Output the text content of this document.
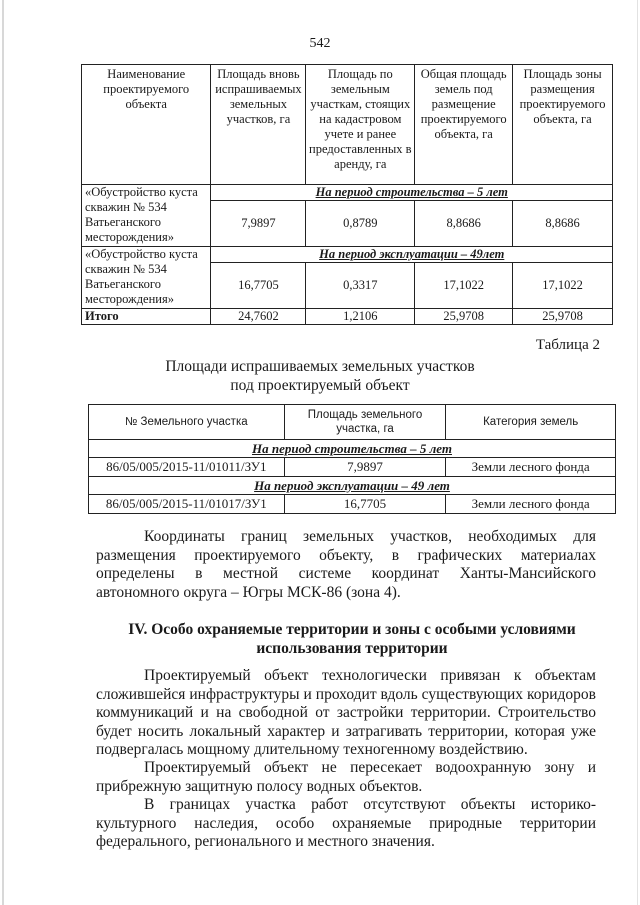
542
Наименование проектируемого объекта	Площадь вновь испрашиваемых земельных участков, га	Площадь по земельным участкам, стоящих на кадастровом учете и ранее предоставленных в аренду, га	Общая площадь земель под размещение проектируемого объекта, га	Площадь зоны размещения проектируемого объекта, га
«Обустройство куста скважин № 534 Ватьеганского месторождения»	На период строительства – 5 лет			
	7,9897	0,8789	8,8686	8,8686
«Обустройство куста скважин № 534 Ватьеганского месторождения»	На период эксплуатации – 49лет			
	16,7705	0,3317	17,1022	17,1022
Итого	24,7602	1,2106	25,9708	25,9708
Таблица 2
Площади испрашиваемых земельных участков
под проектируемый объект
№ Земельного участка	Площадь земельного участка, га	Категория земель
На период строительства – 5 лет		
86/05/005/2015-11/01011/ЗУ1	7,9897	Земли лесного фонда
На период эксплуатации – 49 лет		
86/05/005/2015-11/01017/ЗУ1	16,7705	Земли лесного фонда

Координаты границ земельных участков, необходимых для размещения проектируемого объекту, в графических материалах определены в местной системе координат Ханты-Мансийского автономного округа – Югры МСК-86 (зона 4).

IV. Особо охраняемые территории и зоны с особыми условиями использования территории

Проектируемый объект технологически привязан к объектам сложившейся инфраструктуры и проходит вдоль существующих коридоров коммуникаций и на свободной от застройки территории. Строительство будет носить локальный характер и затрагивать территории, которая уже подвергалась мощному длительному техногенному воздействию.

Проектируемый объект не пересекает водоохранную зону и прибрежную защитную полосу водных объектов.

В границах участка работ отсутствуют объекты историко-культурного наследия, особо охраняемые природные территории федерального, регионального и местного значения.
